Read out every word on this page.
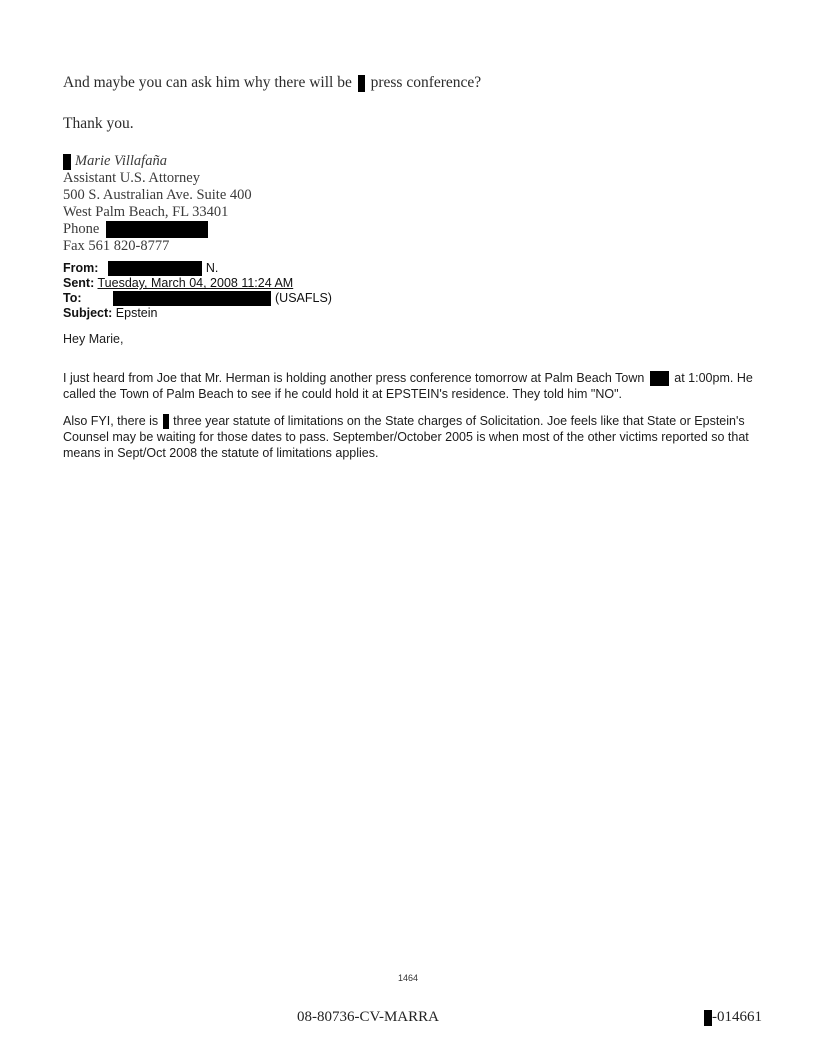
And maybe you can ask him why there will be press conference?
Thank you.
Marie Villafaña
Assistant U.S. Attorney
500 S. Australian Ave. Suite 400
West Palm Beach, FL 33401
Phone
Fax 561 820-8777
From:	N.
Sent: Tuesday, March 04, 2008 11:24 AM
To:	(USAFLS)
Subject: Epstein
Hey Marie,
I just heard from Joe that Mr. Herman is holding another press conference tomorrow at Palm Beach Town at 1:00pm. He called the Town of Palm Beach to see if he could hold it at EPSTEIN's residence. They told him "NO".
Also FYI, there is three year statute of limitations on the State charges of Solicitation. Joe feels like that State or Epstein's Counsel may be waiting for those dates to pass. September/October 2005 is when most of the other victims reported so that means in Sept/Oct 2008 the statute of limitations applies.
1464
08-80736-CV-MARRA	-014661
